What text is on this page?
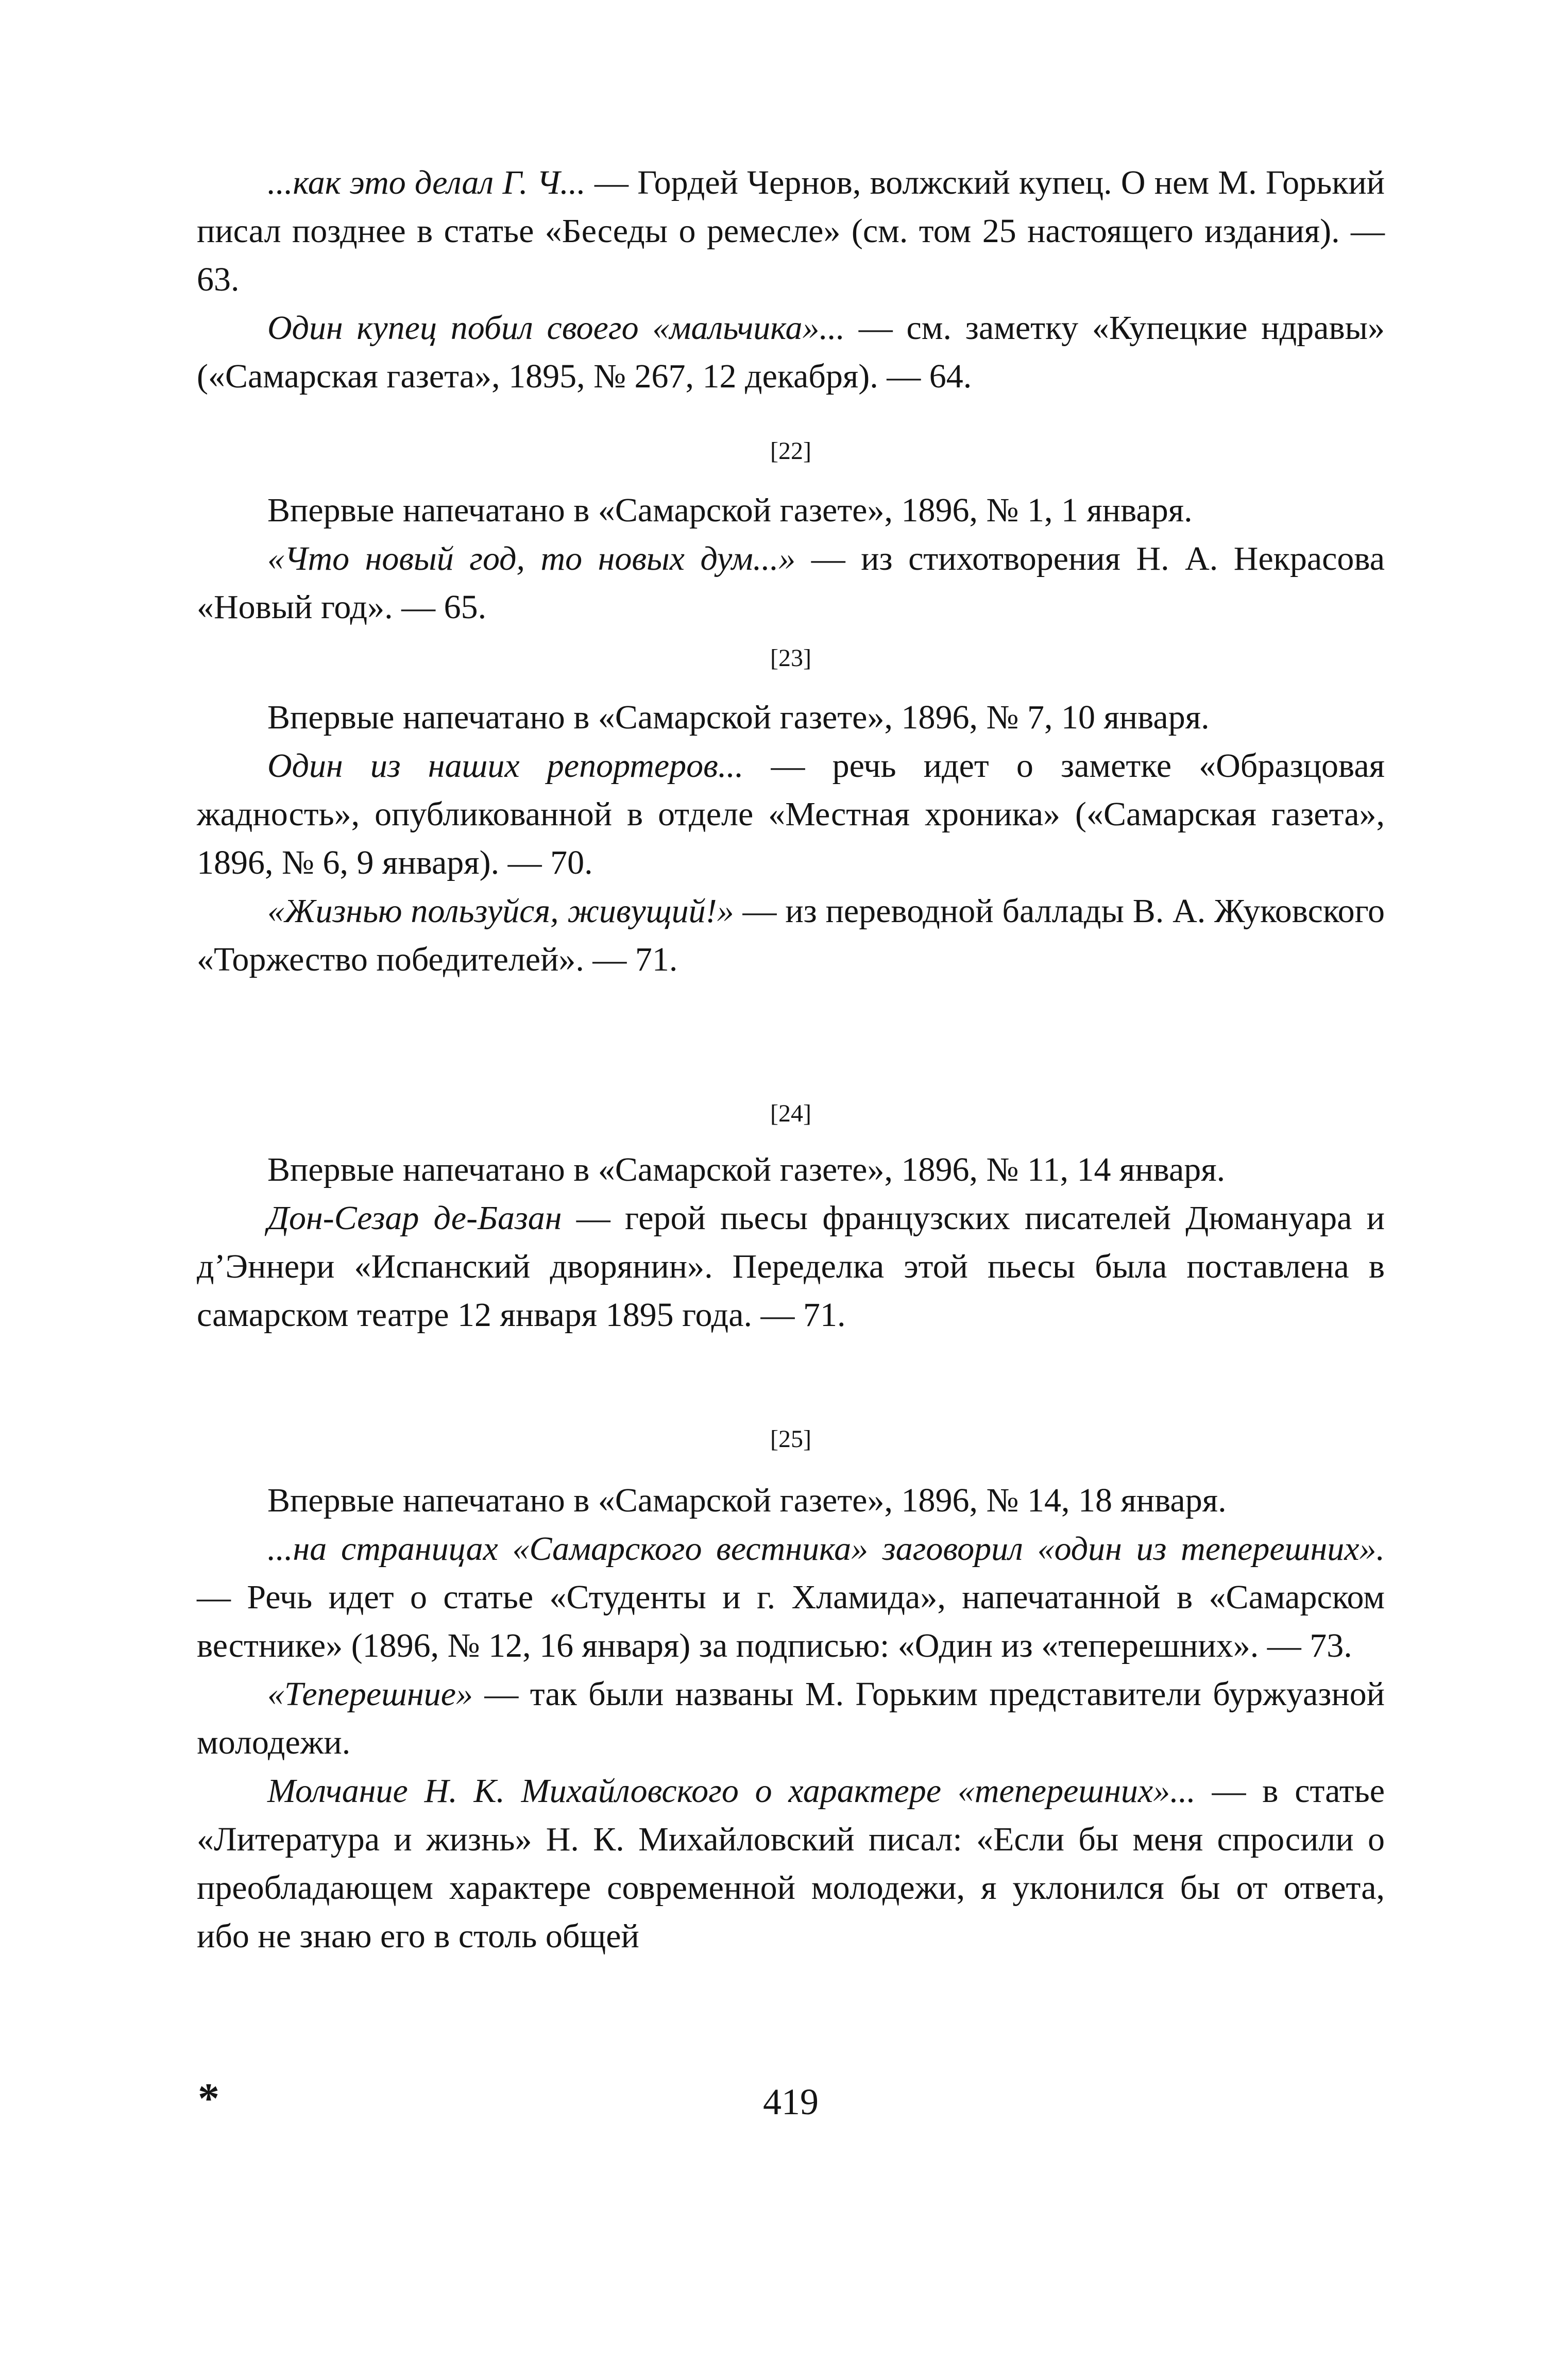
...как это делал Г. Ч... — Гордей Чернов, волжский купец. О нем М. Горький писал позднее в статье «Беседы о ремесле» (см. том 25 настоящего издания). — 63.

Один купец побил своего «мальчика»... — см. заметку «Купецкие ндравы» («Самарская газета», 1895, № 267, 12 декабря). — 64.

[22]

Впервые напечатано в «Самарской газете», 1896, № 1, 1 января.

«Что новый год, то новых дум...» — из стихотворения Н. А. Некрасова «Новый год». — 65.

[23]

Впервые напечатано в «Самарской газете», 1896, № 7, 10 января.

Один из наших репортеров... — речь идет о заметке «Образцовая жадность», опубликованной в отделе «Местная хроника» («Самарская газета», 1896, № 6, 9 января). — 70.

«Жизнью пользуйся, живущий!» — из переводной баллады В. А. Жуковского «Торжество победителей». — 71.

[24]

Впервые напечатано в «Самарской газете», 1896, № 11, 14 января.

Дон-Сезар де-Базан — герой пьесы французских писателей Дюмануара и д’Эннери «Испанский дворянин». Переделка этой пьесы была поставлена в самарском театре 12 января 1895 года. — 71.

[25]

Впервые напечатано в «Самарской газете», 1896, № 14, 18 января.

...на страницах «Самарского вестника» заговорил «один из теперешних». — Речь идет о статье «Студенты и г. Хламида», напечатанной в «Самарском вестнике» (1896, № 12, 16 января) за подписью: «Один из «теперешних». — 73.

«Теперешние» — так были названы М. Горьким представители буржуазной молодежи.

Молчание Н. К. Михайловского о характере «теперешних»... — в статье «Литература и жизнь» Н. К. Михайловский писал: «Если бы меня спросили о преобладающем характере современной молодежи, я уклонился бы от ответа, ибо не знаю его в столь общей

*	419
